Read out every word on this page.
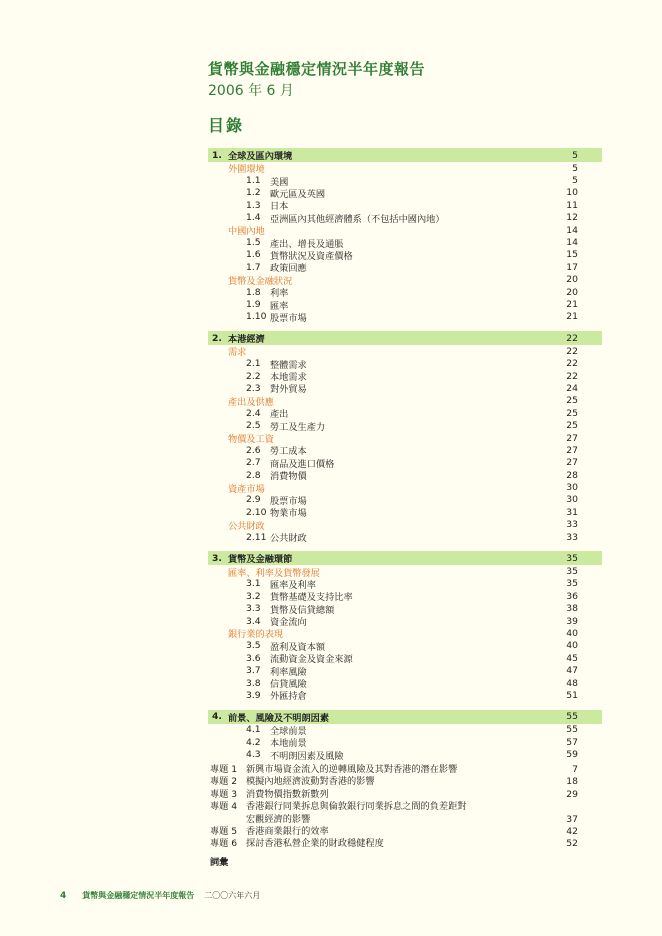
貨幣與金融穩定情況半年度報告
2006 年 6 月
目錄
1. 全球及區內環境	5
外圍環境	5
1.1	美國	5
1.2	歐元區及英國	10
1.3	日本	11
1.4	亞洲區內其他經濟體系（不包括中國內地）	12
中國內地	14
1.5	產出、增長及通脹	14
1.6	貨幣狀況及資產價格	15
1.7	政策回應	17
貨幣及金融狀況	20
1.8	利率	20
1.9	匯率	21
1.10 股票市場	21
2. 本港經濟	22
需求	22
2.1	整體需求	22
2.2	本地需求	22
2.3	對外貿易	24
產出及供應	25
2.4	產出	25
2.5	勞工及生產力	25
物價及工資	27
2.6	勞工成本	27
2.7	商品及進口價格	27
2.8	消費物價	28
資產市場	30
2.9	股票市場	30
2.10 物業市場	31
公共財政	33
2.11 公共財政	33
3. 貨幣及金融環節	35
匯率、利率及貨幣發展	35
3.1	匯率及利率	35
3.2	貨幣基礎及支持比率	36
3.3	貨幣及信貸總額	38
3.4	資金流向	39
銀行業的表現	40
3.5	盈利及資本額	40
3.6	流動資金及資金來源	45
3.7	利率風險	47
3.8	信貸風險	48
3.9	外匯持倉	51
4. 前景、風險及不明朗因素	55
4.1	全球前景	55
4.2	本地前景	57
4.3	不明朗因素及風險	59
專題 1 新興市場資金流入的逆轉風險及其對香港的潛在影響	7
專題 2 模擬內地經濟波動對香港的影響	18
專題 3 消費物價指數新數列	29
專題 4 香港銀行同業拆息與倫敦銀行同業拆息之間的負差距對
宏觀經濟的影響	37
專題 5 香港商業銀行的效率	42
專題 6 探討香港私營企業的財政穩健程度	52
詞彙
4 貨幣與金融穩定情況半年度報告 二〇〇六年六月
